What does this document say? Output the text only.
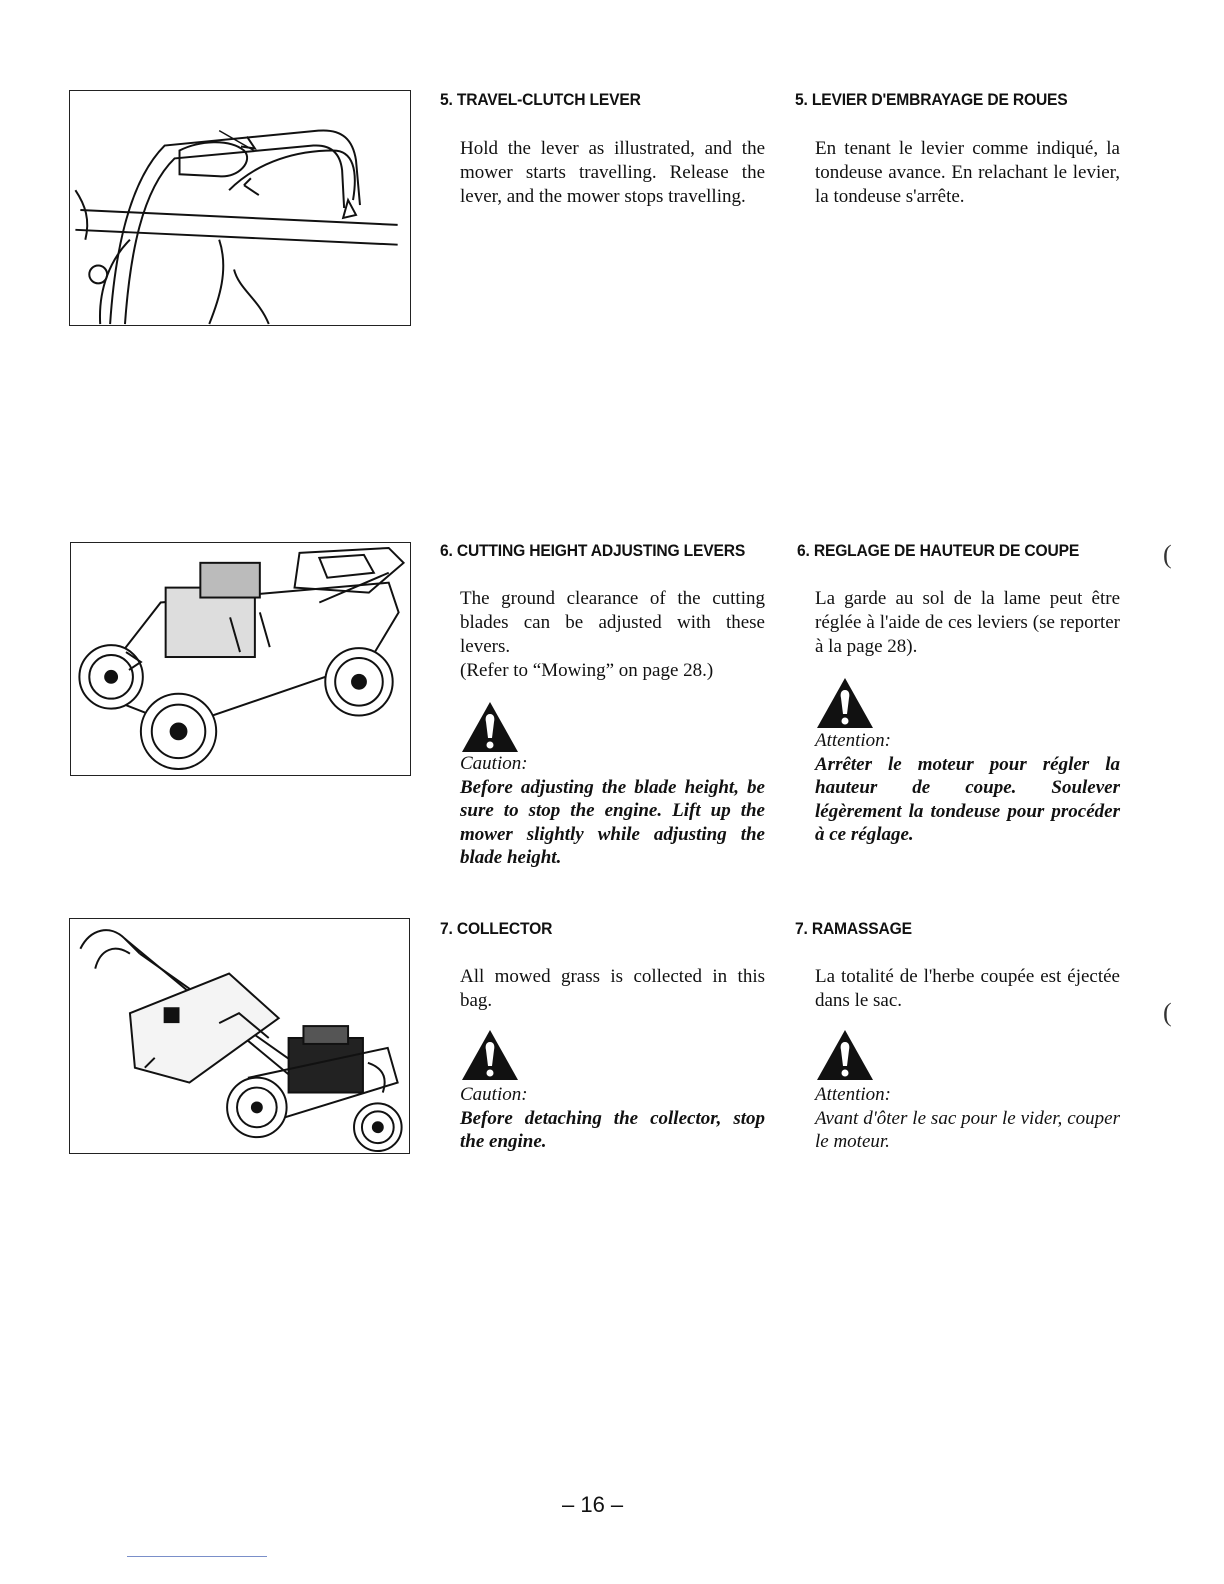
5. TRAVEL-CLUTCH LEVER	5. LEVIER D'EMBRAYAGE DE ROUES

Hold the lever as illustrated, and the mower starts travelling. Release the lever, and the mower stops travelling.

En tenant le levier comme indiqué, la tondeuse avance. En relachant le levier, la tondeuse s'arrête.

6. CUTTING HEIGHT ADJUSTING LEVERS	6. REGLAGE DE HAUTEUR DE COUPE

The ground clearance of the cutting blades can be adjusted with these levers.

(Refer to “Mowing” on page 28.)

La garde au sol de la lame peut être réglée à l'aide de ces leviers (se reporter à la page 28).

Caution:
Before adjusting the blade height, be sure to stop the engine. Lift up the mower slightly while adjusting the blade height.
Attention:
Arrêter le moteur pour régler la hauteur de coupe. Soulever légèrement la tondeuse pour procéder à ce réglage.
7. COLLECTOR	7. RAMASSAGE

All mowed grass is collected in this bag.

La totalité de l'herbe coupée est éjectée dans le sac.

Caution:
Before detaching the collector, stop the engine.
Attention:
Avant d'ôter le sac pour le vider, couper le moteur.
(
(
– 16 –
